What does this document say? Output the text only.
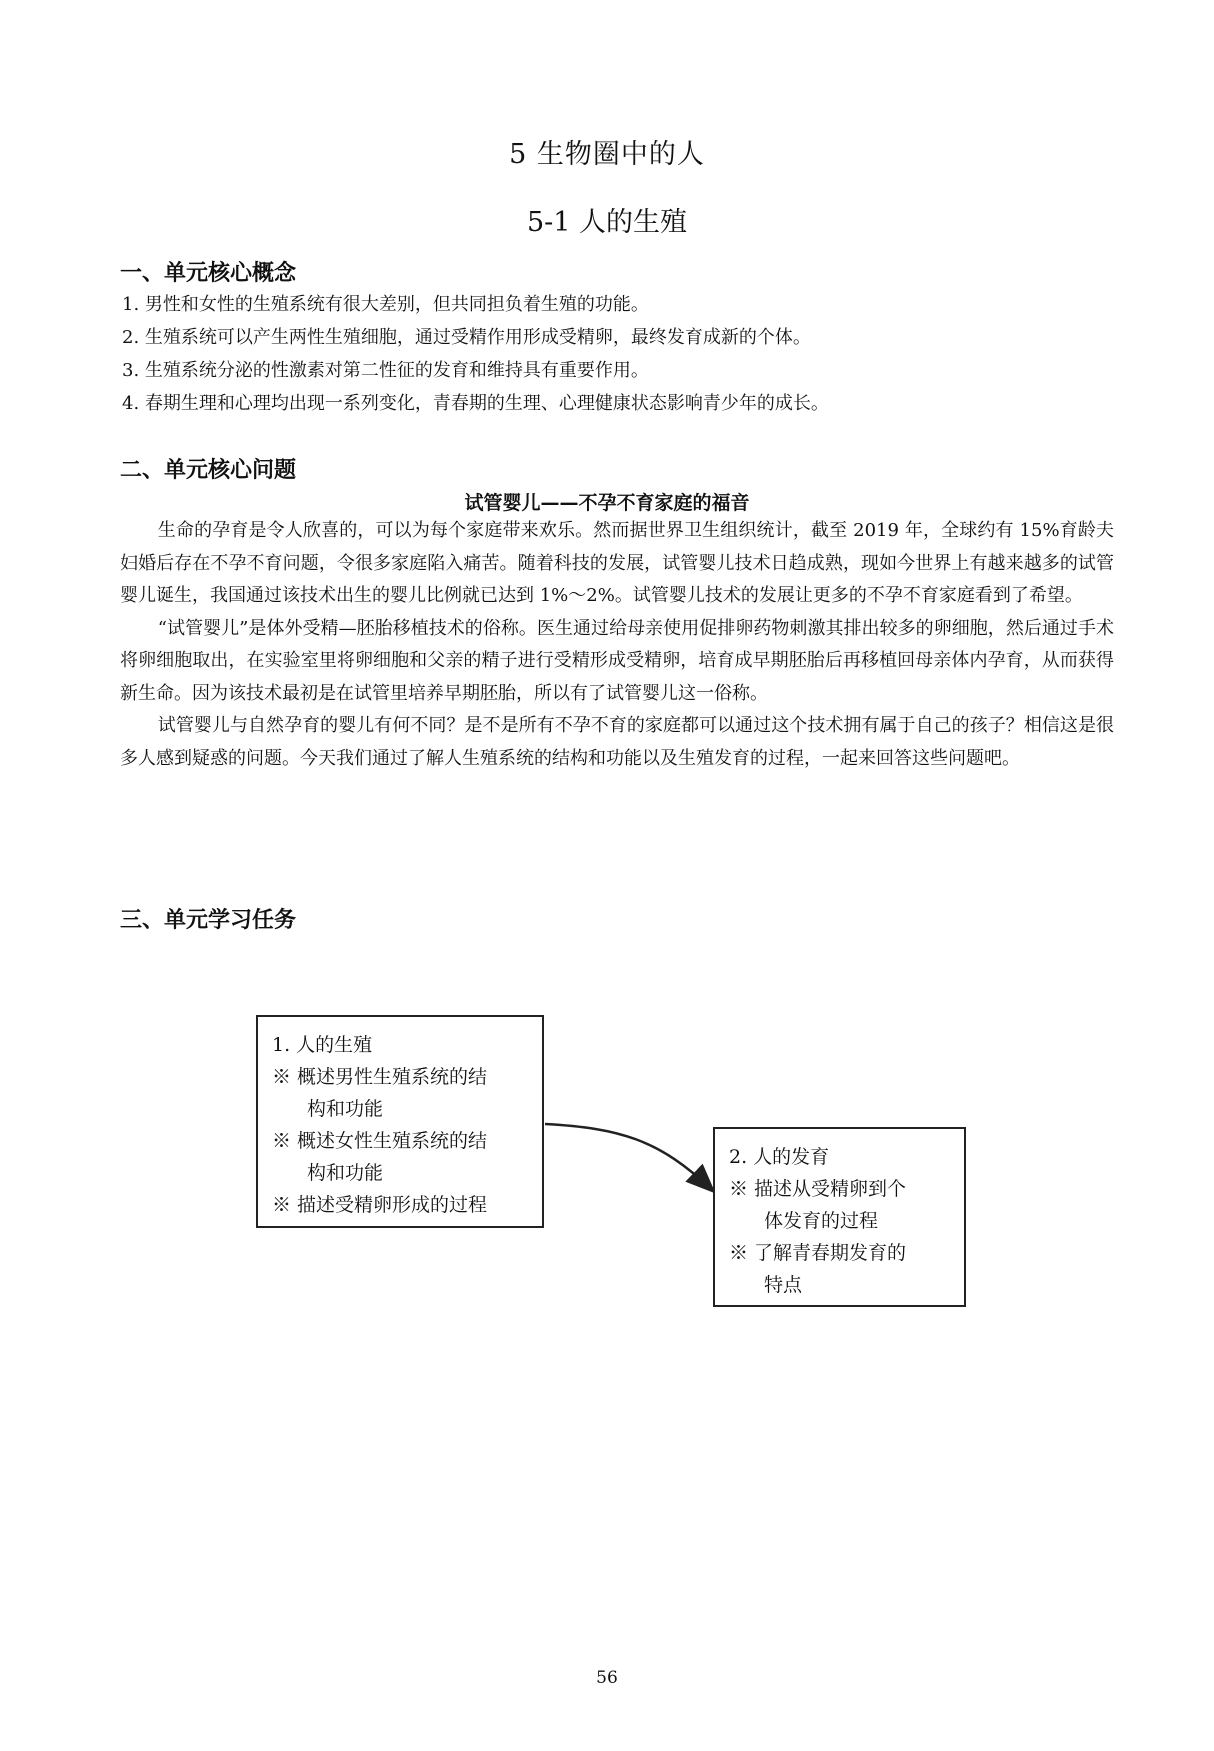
5 生物圈中的人
5-1 人的生殖
一、单元核心概念
1. 男性和女性的生殖系统有很大差别，但共同担负着生殖的功能。
2. 生殖系统可以产生两性生殖细胞，通过受精作用形成受精卵，最终发育成新的个体。
3. 生殖系统分泌的性激素对第二性征的发育和维持具有重要作用。
4. 春期生理和心理均出现一系列变化，青春期的生理、心理健康状态影响青少年的成长。
二、单元核心问题
试管婴儿——不孕不育家庭的福音

生命的孕育是令人欣喜的，可以为每个家庭带来欢乐。然而据世界卫生组织统计，截至 2019 年，全球约有 15%育龄夫妇婚后存在不孕不育问题，令很多家庭陷入痛苦。随着科技的发展，试管婴儿技术日趋成熟，现如今世界上有越来越多的试管婴儿诞生，我国通过该技术出生的婴儿比例就已达到 1%～2%。试管婴儿技术的发展让更多的不孕不育家庭看到了希望。

“试管婴儿”是体外受精—胚胎移植技术的俗称。医生通过给母亲使用促排卵药物刺激其排出较多的卵细胞，然后通过手术将卵细胞取出，在实验室里将卵细胞和父亲的精子进行受精形成受精卵，培育成早期胚胎后再移植回母亲体内孕育，从而获得新生命。因为该技术最初是在试管里培养早期胚胎，所以有了试管婴儿这一俗称。

试管婴儿与自然孕育的婴儿有何不同？是不是所有不孕不育的家庭都可以通过这个技术拥有属于自己的孩子？相信这是很多人感到疑惑的问题。今天我们通过了解人生殖系统的结构和功能以及生殖发育的过程，一起来回答这些问题吧。

三、单元学习任务
1. 人的生殖
※ 概述男性生殖系统的结
构和功能
※ 概述女性生殖系统的结
构和功能
※ 描述受精卵形成的过程
2. 人的发育
※ 描述从受精卵到个
体发育的过程
※ 了解青春期发育的
特点
56
